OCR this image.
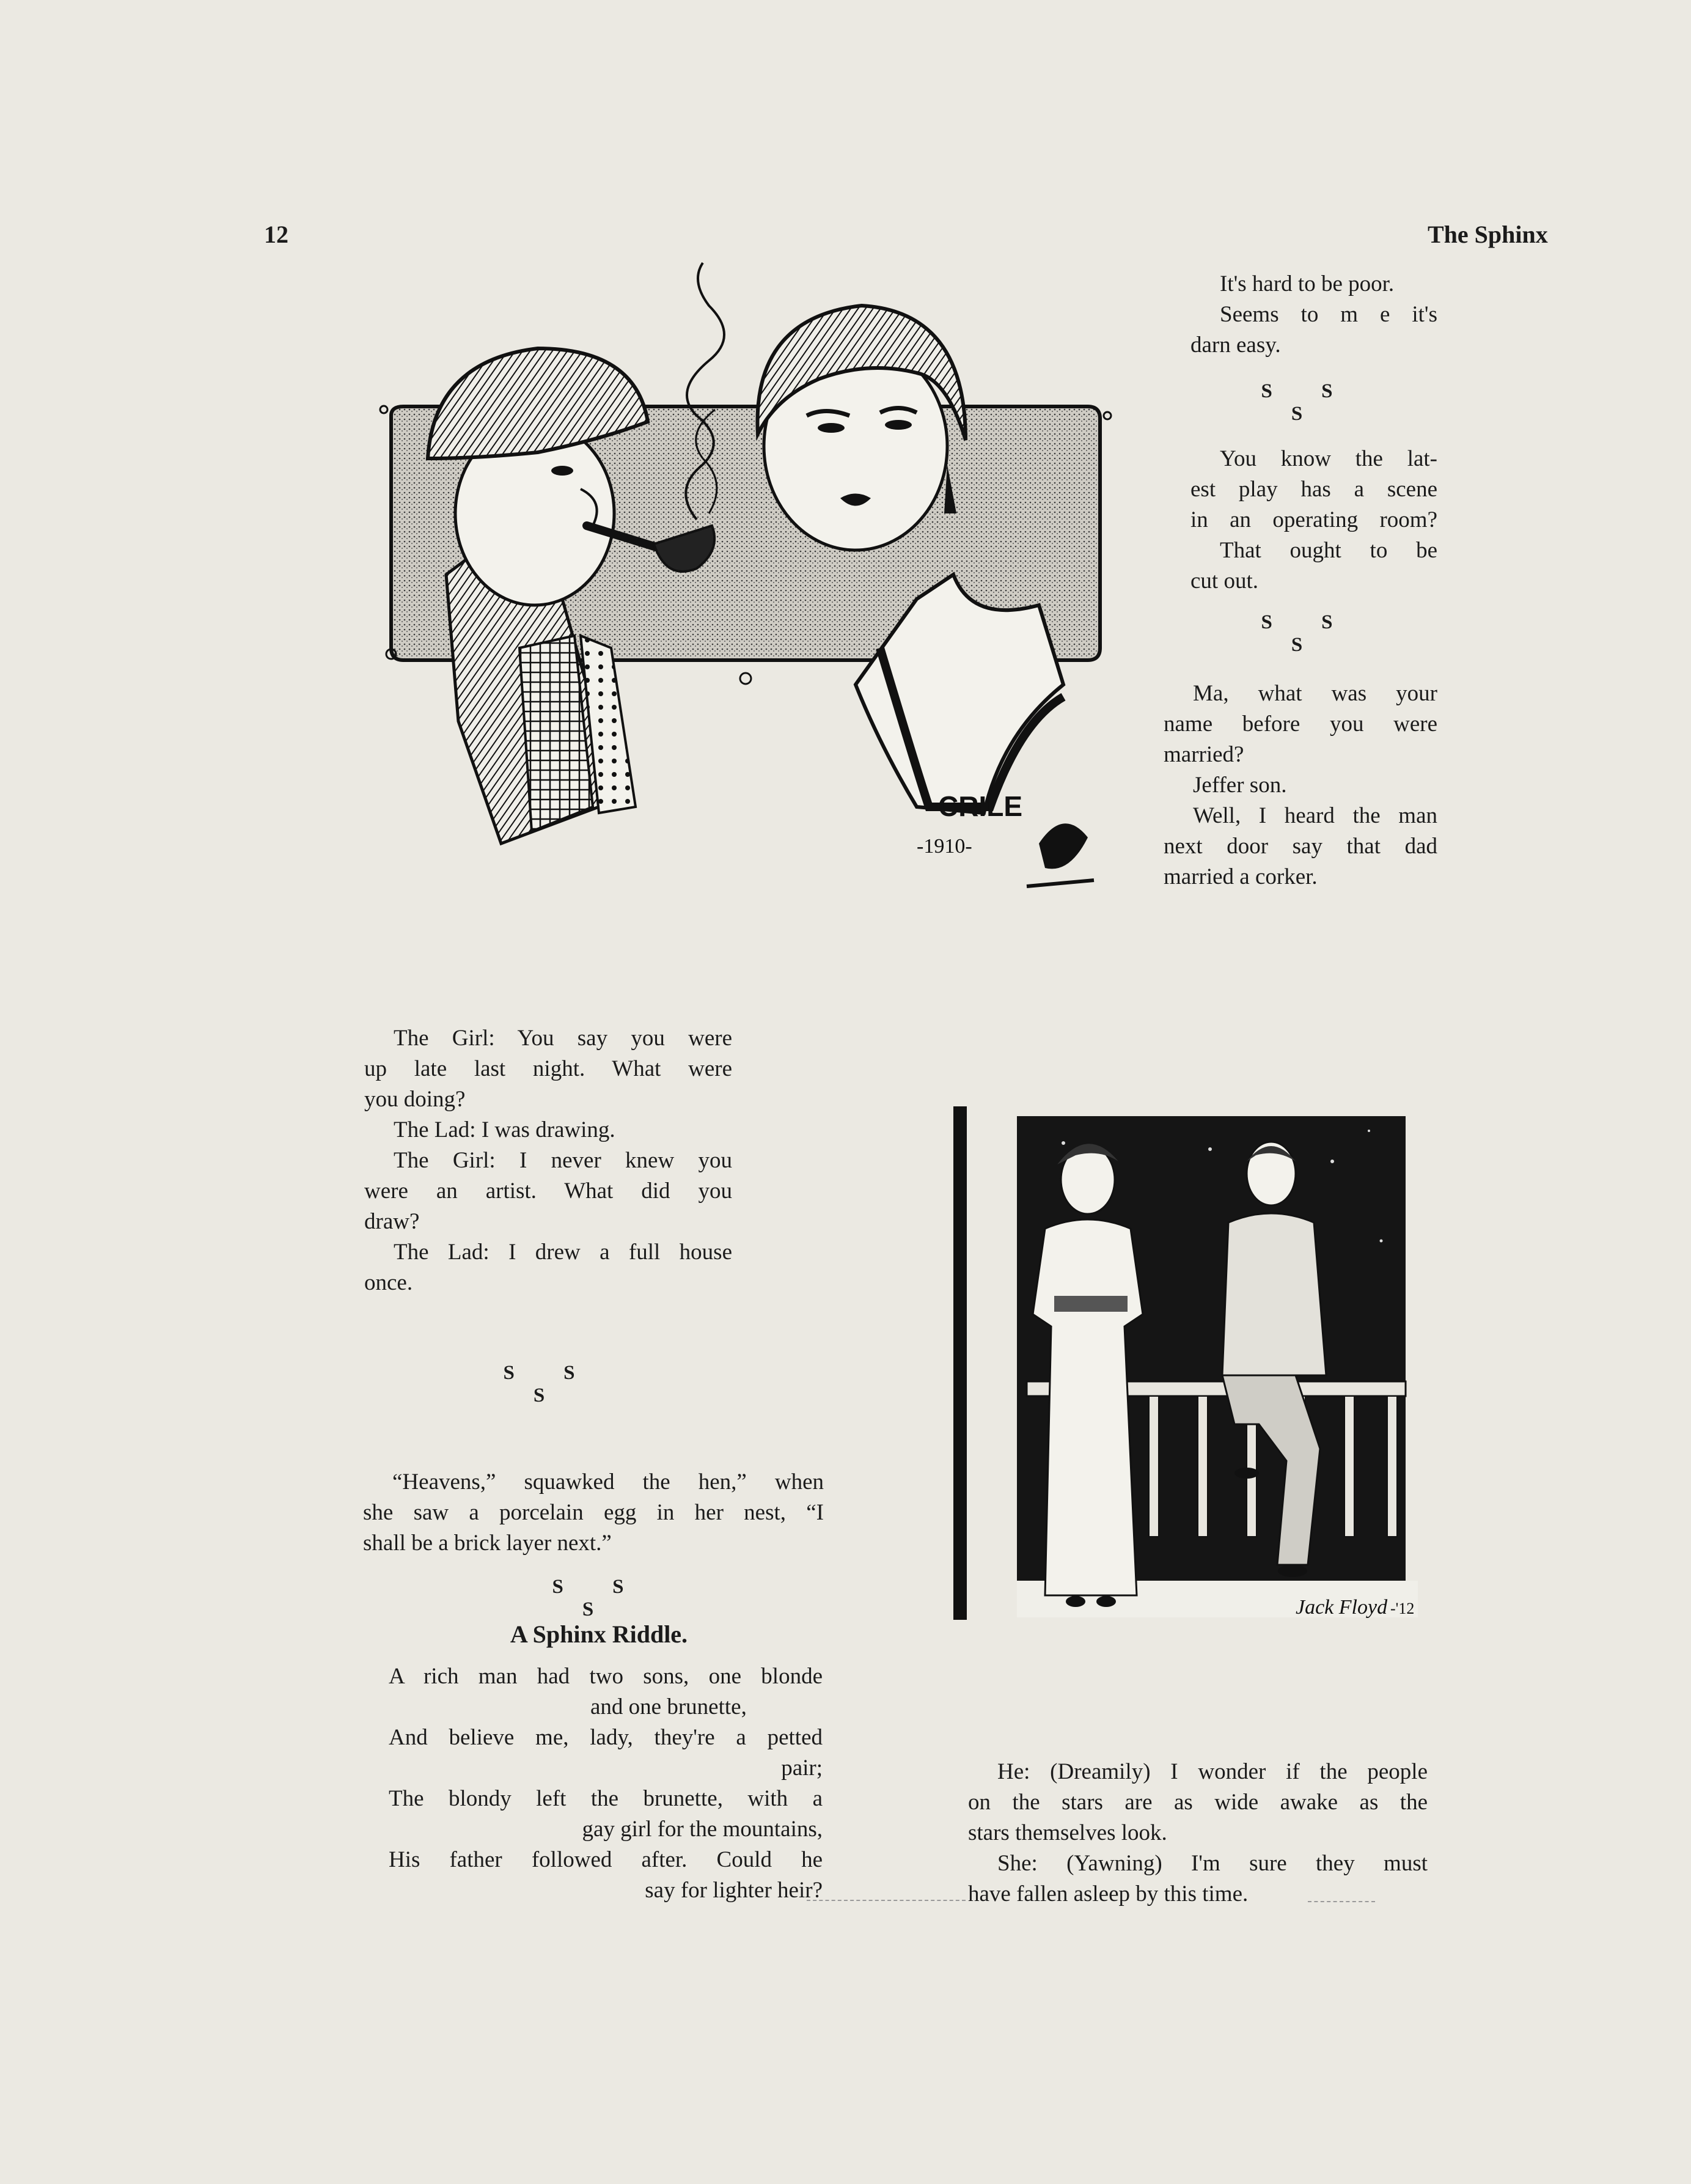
12	The Sphinx

It's hard to be poor.

Seems to m e it's

darn easy.

S S S

You know the lat-

est play has a scene

in an operating room?

That ought to be

cut out.

S S S

Ma, what was your

name before you were

married?

Jeffer son.

Well, I heard the man

next door say that dad

married a corker.

CRILE
-1910-

The Girl: You say you were

up late last night. What were

you doing?

The Lad: I was drawing.

The Girl: I never knew you

were an artist. What did you

draw?

The Lad: I drew a full house

once.

S S S

“Heavens,” squawked the hen,” when

she saw a porcelain egg in her nest, “I

shall be a brick layer next.”

S S S
A Sphinx Riddle.

A rich man had two sons, one blonde

and one brunette,

And believe me, lady, they're a petted

pair;

The blondy left the brunette, with a

gay girl for the mountains,

His father followed after. Could he

say for lighter heir?

Jack Floyd -'12

He: (Dreamily) I wonder if the people

on the stars are as wide awake as the

stars themselves look.

She: (Yawning) I'm sure they must

have fallen asleep by this time.
